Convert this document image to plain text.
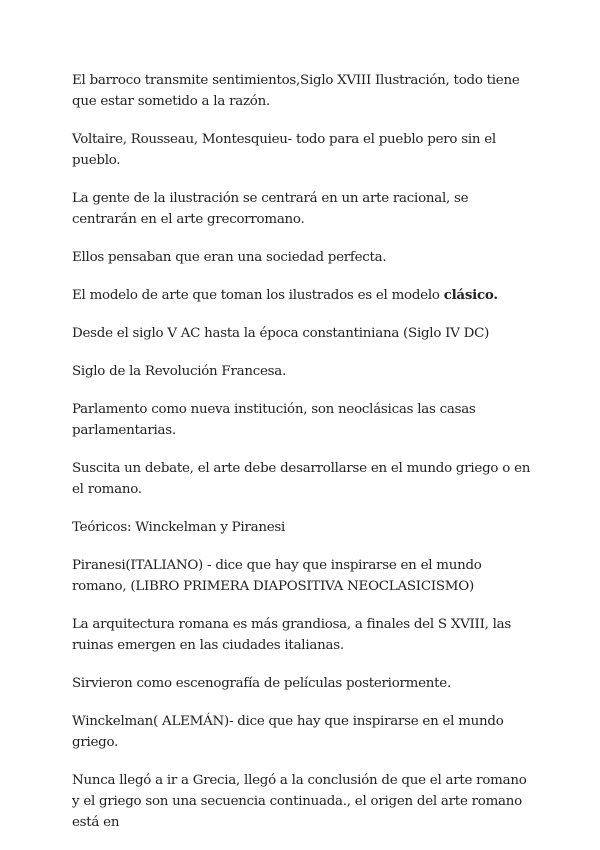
El barroco transmite sentimientos,Siglo XVIII Ilustración, todo tiene que estar sometido a la razón.

Voltaire, Rousseau, Montesquieu- todo para el pueblo pero sin el pueblo.

La gente de la ilustración se centrará en un arte racional, se centrarán en el arte grecorromano.

Ellos pensaban que eran una sociedad perfecta.

El modelo de arte que toman los ilustrados es el modelo clásico.

Desde el siglo V AC hasta la época constantiniana (Siglo IV DC)

Siglo de la Revolución Francesa.

Parlamento como nueva institución, son neoclásicas las casas parlamentarias.

Suscita un debate, el arte debe desarrollarse en el mundo griego o en el romano.

Teóricos: Winckelman y Piranesi

Piranesi(ITALIANO) - dice que hay que inspirarse en el mundo romano, (LIBRO PRIMERA DIAPOSITIVA NEOCLASICISMO)

La arquitectura romana es más grandiosa, a finales del S XVIII, las ruinas emergen en las ciudades italianas.

Sirvieron como escenografía de películas posteriormente.

Winckelman( ALEMÁN)- dice que hay que inspirarse en el mundo griego.

Nunca llegó a ir a Grecia, llegó a la conclusión de que el arte romano y el griego son una secuencia continuada., el origen del arte romano está en
